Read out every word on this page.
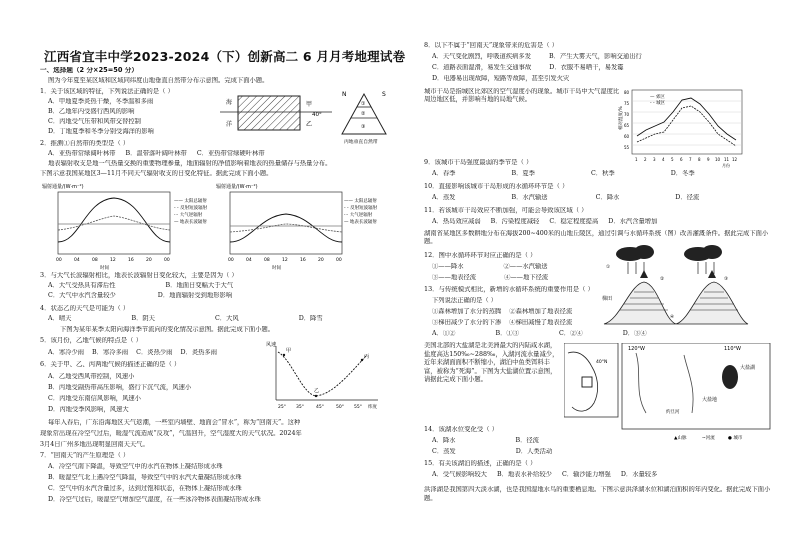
江西省宜丰中学2023-2024（下）创新高二 6 月月考地理试卷
一、选择题（2 分×25=50 分）
图为今年夏至某区域和区域同纬度山地垂直自然带分布示意图。完成下面小题。
1．关于该区域的特征，下列说法正确的是（ ）
A．甲地夏季炎热干燥，冬季温和多雨
B．乙地年内受盛行西风的影响
C．丙地受气压带和风带交替控制
D．丁地夏季和冬季分别受海洋的影响
海
洋
甲
乙
40°
N	S
①
②
③
丙地垂直自然带
2．推测①自然带的类型是（ ）
A．亚热带常绿阔叶林带 B．温带落叶阔叶林带 C．亚热带常绿硬叶林带
地表辐射收支是地一气热量交换的重要物理参量，地面辐射的净值影响着地表的热量储存与热量分布。
下图示意我国某地区3—11月不同天气辐射收支的日变化特征。据此完成下面小题。
辐射通量/(W·m⁻²)
00	04	08	12	16	20	00
时间
—— 太阳总辐射
- - 反射短波辐射
··· 大气逆辐射
— 地表长波辐射
辐射通量/(W·m⁻²)
00	04	08	12	16	20	00
时间
—— 太阳总辐射
- - 反射短波辐射
··· 大气逆辐射
— 地表长波辐射
3．与大气长波辐射相比，地表长波辐射日变化较大，主要是因为（ ）
A．大气受热具有滞后性	B．地面日变幅大于大气
C．大气中水汽含量较少	D．地面辐射受到地形影响
4．状态乙的天气是可能为（ ）
A．晴天	B．阴天	C．大风	D．降雪
下图为某年某季太阳向海洋季节流向的变化情况示意图。据此完成下面小题。
5．该月份，乙地气候的特点是（ ）
A．寒冷少雨 B．寒冷多雨 C．炎热少雨 D．炎热多雨
6．关于甲、乙、丙两地气候的描述正确的是（ ）
A．乙地受西风带控制，风速小
B．丙地受副热带高压影响，盛行下沉气流，风速小
C．丙地受东南信风影响，风速小
D．丙地受季风影响，风速大
风速
甲
乙
丙
25° 35°	45°	50° 55° 纬度
每年入春后，广东沿海地区天气返潮，一些室内墙壁、地面会“冒水”，称为“回南天”。这种
现象常出现在冷空气过后，暖湿气流造成“反攻”，气温回升，空气湿度大的天气状况。2024年
3月4日广州多地出现明显回南天天气。
7．“回南天”的产生原理是（ ）
A．冷空气南下降温，导致空气中的水汽在物体上凝结形成水珠
B．暖湿空气北上遇冷空气降温，导致空气中的水汽大量凝结形成水珠
C．空气中的水汽含量过多，达到过饱和状态，在物体上凝结形成水珠
D．冷空气过后，暖湿空气增加空气湿度，在一些冰冷物体表面凝结形成水珠
8．以下不属于“回南天”现象带来的危害是（ ）
A．天气变化剧烈，呼吸道疾病多发	B．产生大雾天气，影响交通出行
C．道路表面湿滑，易发生交通事故	D．衣服不易晒干，易发霉
D．电器易出现故障，短路等故障，甚至引发火灾
城市干岛是指城区比郊区的空气湿度小的现象。城市干岛中大气湿度比周边地区低，并影响当地的局地气候。
相对湿度/%
80
75
70
65
60
55
1 2 3 4 5 6 7 8 9 10 11 12
月份
— 郊区
- - 城区
9．该城市干岛强度最弱的季节是（ ）
A．春季	B．夏季	C．秋季	D．冬季
10．直接影响该城市干岛形成的水循环环节是（ ）
A．蒸发	B．水汽输送	C．降水	D．径流
11．若该城市干岛效应不断加强，可能会导致该区域（ ）
A．热岛效应减弱 B．污染程度减轻 C．稳定程度提高 D．水汽含量增加
湖南省某地区多数耕地分布在海拔200~400米的山地丘陵区，通过引调与水循环系统（图）改善灌溉条件。据此完成下面小题。
12．图中水循环环节对应正确的是（ ）
①——降水	②——水汽输送
③——地表径流	④——地下径流
13．与传统模式相比，新增的水循环系统的重要作用是（ ）
下列说法正确的是（ ）
①森林增加了水分的蒸腾 ②森林增加了地表径流
③梯田减少了水分的下渗 ④梯田减慢了地表径流
A．①②	B．①③	C．②④	D．③④
梯田
①
②	③
④
美国北部的大盐湖是北美洲最大的内陆咸水湖，盐度高达150‰~288‰，入湖河流水量减少，近年来湖面面积不断缩小，湖泊中鱼类饵料丰富，被称为“死海”。下图为大盐湖位置示意图，请据此完成下面小题。
40°N
120°W	110°W
大盐湖
大盐地
约旦河
▲山脉	~河流	● 城市
14．该湖水位变化受（ ）
A．降水	B．径流
C．蒸发	D．人类活动
15．有关该湖泊的描述，正确的是（ ）
A．受气候影响较大 B．地表水补给较少 C．输沙能力增强 D．水量较多
洪泽湖是我国第四大淡水湖，也是我国湿地水鸟的重要栖息地。下图示意洪泽湖水位和湖泊面积的年内变化。据此完成下面小题。
